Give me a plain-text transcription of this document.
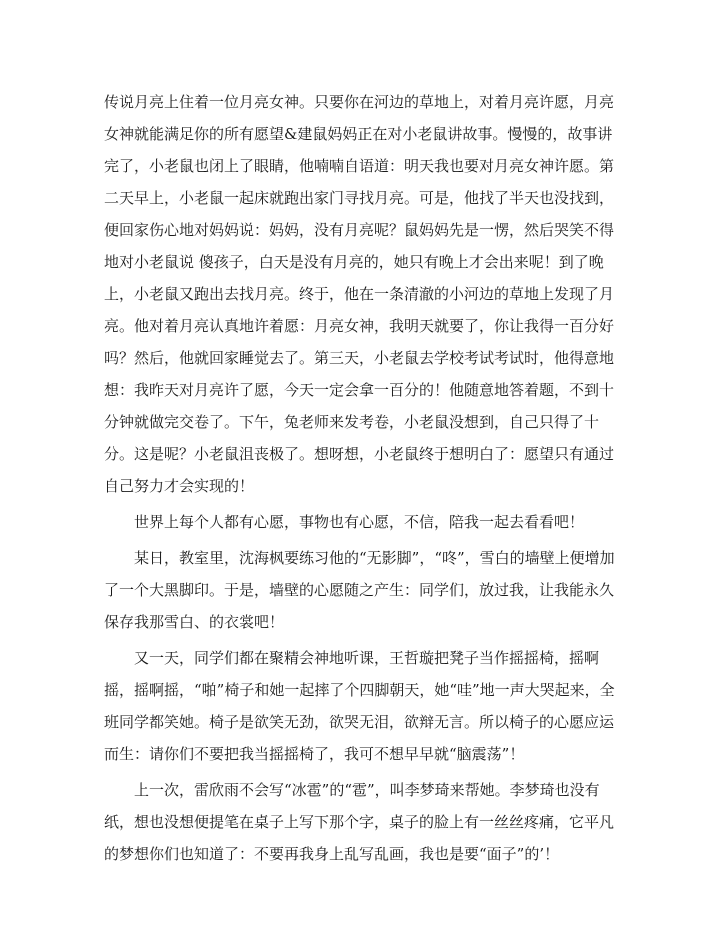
传说月亮上住着一位月亮女神。只要你在河边的草地上，对着月亮许愿，月亮女神就能满足你的所有愿望&建鼠妈妈正在对小老鼠讲故事。慢慢的，故事讲完了，小老鼠也闭上了眼睛，他喃喃自语道：明天我也要对月亮女神许愿。第二天早上，小老鼠一起床就跑出家门寻找月亮。可是，他找了半天也没找到，便回家伤心地对妈妈说：妈妈，没有月亮呢？鼠妈妈先是一愣，然后哭笑不得地对小老鼠说 傻孩子，白天是没有月亮的，她只有晚上才会出来呢！到了晚上，小老鼠又跑出去找月亮。终于，他在一条清澈的小河边的草地上发现了月亮。他对着月亮认真地许着愿：月亮女神，我明天就要了，你让我得一百分好吗？然后，他就回家睡觉去了。第三天，小老鼠去学校考试考试时，他得意地想：我昨天对月亮许了愿，今天一定会拿一百分的！他随意地答着题，不到十分钟就做完交卷了。下午，兔老师来发考卷，小老鼠没想到，自己只得了十分。这是呢？小老鼠沮丧极了。想呀想，小老鼠终于想明白了：愿望只有通过自己努力才会实现的！

世界上每个人都有心愿，事物也有心愿，不信，陪我一起去看看吧！

某日，教室里，沈海枫要练习他的“无影脚”，“咚”，雪白的墙壁上便增加了一个大黑脚印。于是，墙壁的心愿随之产生：同学们，放过我，让我能永久保存我那雪白、的衣裳吧！

又一天，同学们都在聚精会神地听课，王哲璇把凳子当作摇摇椅，摇啊摇，摇啊摇，“啪”椅子和她一起摔了个四脚朝天，她“哇”地一声大哭起来，全班同学都笑她。椅子是欲笑无劲，欲哭无泪，欲辩无言。所以椅子的心愿应运而生：请你们不要把我当摇摇椅了，我可不想早早就“脑震荡”！

上一次，雷欣雨不会写“冰雹”的“雹”，叫李梦琦来帮她。李梦琦也没有纸，想也没想便提笔在桌子上写下那个字，桌子的脸上有一丝丝疼痛，它平凡的梦想你们也知道了：不要再我身上乱写乱画，我也是要“面子”的’！
